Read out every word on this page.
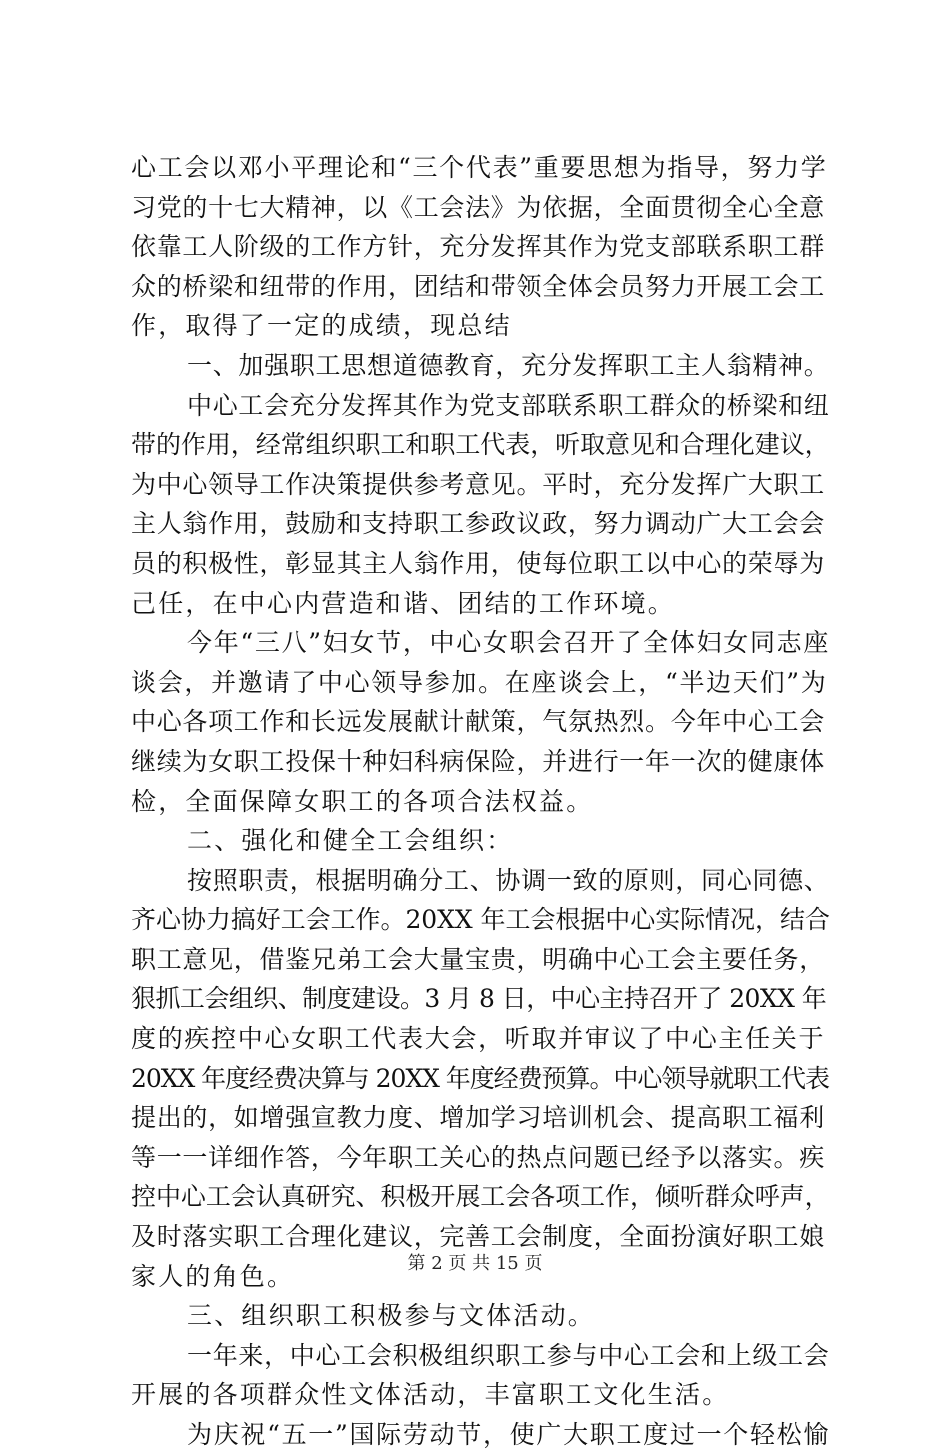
心工会以邓小平理论和“三个代表”重要思想为指导，努力学
习党的十七大精神，以《工会法》为依据，全面贯彻全心全意
依靠工人阶级的工作方针，充分发挥其作为党支部联系职工群
众的桥梁和纽带的作用，团结和带领全体会员努力开展工会工
作，取得了一定的成绩，现总结
一、加强职工思想道德教育，充分发挥职工主人翁精神。
中心工会充分发挥其作为党支部联系职工群众的桥梁和纽
带的作用，经常组织职工和职工代表，听取意见和合理化建议，
为中心领导工作决策提供参考意见。平时，充分发挥广大职工
主人翁作用，鼓励和支持职工参政议政，努力调动广大工会会
员的积极性，彰显其主人翁作用，使每位职工以中心的荣辱为
己任，在中心内营造和谐、团结的工作环境。
今年“三八”妇女节，中心女职会召开了全体妇女同志座
谈会，并邀请了中心领导参加。在座谈会上，“半边天们”为
中心各项工作和长远发展献计献策，气氛热烈。今年中心工会
继续为女职工投保十种妇科病保险，并进行一年一次的健康体
检，全面保障女职工的各项合法权益。
二、强化和健全工会组织：
按照职责，根据明确分工、协调一致的原则，同心同德、
齐心协力搞好工会工作。20XX 年工会根据中心实际情况，结合
职工意见，借鉴兄弟工会大量宝贵，明确中心工会主要任务，
狠抓工会组织、制度建设。3 月 8 日，中心主持召开了 20XX 年
度的疾控中心女职工代表大会，听取并审议了中心主任关于
20XX 年度经费决算与 20XX 年度经费预算。中心领导就职工代表
提出的，如增强宣教力度、增加学习培训机会、提高职工福利
等一一详细作答，今年职工关心的热点问题已经予以落实。疾
控中心工会认真研究、积极开展工会各项工作，倾听群众呼声，
及时落实职工合理化建议，完善工会制度，全面扮演好职工娘
家人的角色。
三、组织职工积极参与文体活动。
一年来，中心工会积极组织职工参与中心工会和上级工会
开展的各项群众性文体活动，丰富职工文化生活。
为庆祝“五一”国际劳动节，使广大职工度过一个轻松愉
第 2 页 共 15 页
